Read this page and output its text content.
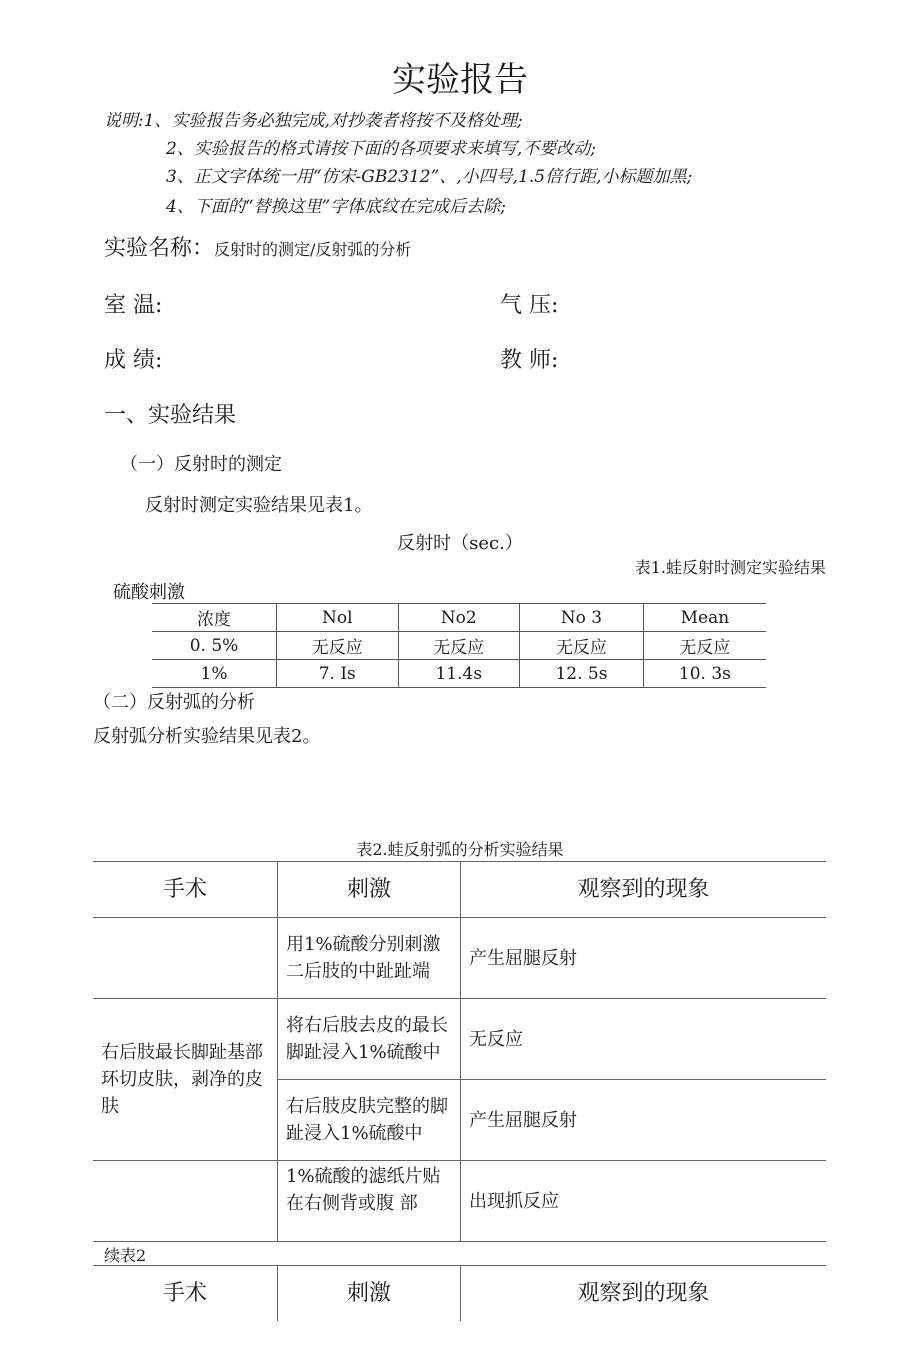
实验报告
说明:1、实验报告务必独完成,对抄袭者将按不及格处理;
2、实验报告的格式请按下面的各项要求来填写,不要改动;
3、正文字体统一用“仿宋-GB2312”、,小四号,1.5倍行距,小标题加黑;
4、下面的“替换这里”字体底纹在完成后去除;
实验名称：反射时的测定/反射弧的分析
室 温:	气 压:
成 绩:	教 师:
一、实验结果
（一）反射时的测定
反射时测定实验结果见表1。
反射时（sec.）
表1.蛙反射时测定实验结果
硫酸刺激
浓度	Nol	No2	No 3	Mean
0. 5%	无反应	无反应	无反应	无反应
1%	7. Is	11.4s	12. 5s	10. 3s
（二）反射弧的分析
反射弧分析实验结果见表2。
表2.蛙反射弧的分析实验结果
手术	刺激	观察到的现象
	用1%硫酸分别刺激二后肢的中趾趾端	产生屈腿反射
右后肢最长脚趾基部环切皮肤，剥净的皮肤	将右后肢去皮的最长脚趾浸入1%硫酸中	无反应
	右后肢皮肤完整的脚趾浸入1%硫酸中	产生屈腿反射
	1%硫酸的滤纸片贴在右侧背或腹 部	出现抓反应
续表2
手术	刺激	观察到的现象
